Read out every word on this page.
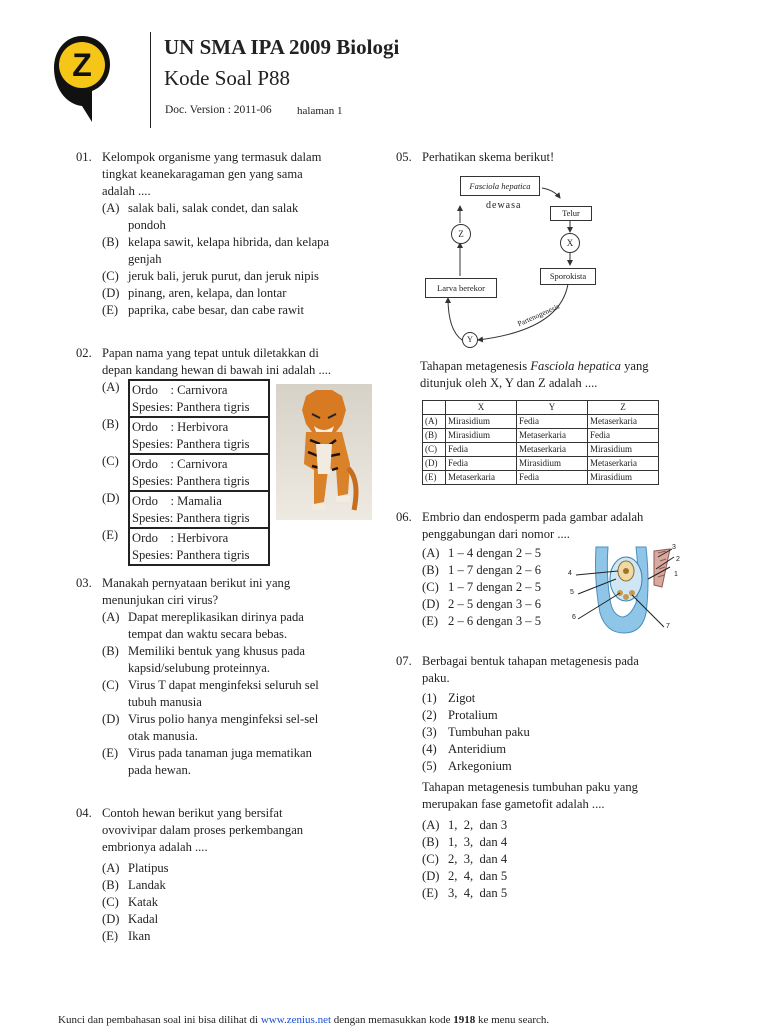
Z	UN SMA IPA 2009 Biologi
Kode Soal P88
Doc. Version : 2011-06 halaman 1
01. Kelompok organisme yang termasuk dalam
tingkat keanekaragaman gen yang sama
adalah ....
(A) salak bali, salak condet, dan salak
pondoh
(B) kelapa sawit, kelapa hibrida, dan kelapa
genjah
(C) jeruk bali, jeruk purut, dan jeruk nipis
(D) pinang, aren, kelapa, dan lontar
(E) paprika, cabe besar, dan cabe rawit
02. Papan nama yang tepat untuk diletakkan di
depan kandang hewan di bawah ini adalah ....
(A) Ordo    : Carnivora
Spesies: Panthera tigris
(B)	Ordo    : Herbivora
Spesies: Panthera tigris
(C)	Ordo    : Carnivora
Spesies: Panthera tigris
(D) Ordo    : Mamalia
Spesies: Panthera tigris
(E)	Ordo    : Herbivora
Spesies: Panthera tigris
03. Manakah pernyataan berikut ini yang
menunjukan ciri virus?
(A) Dapat mereplikasikan dirinya pada
tempat dan waktu secara bebas.
(B) Memiliki bentuk yang khusus pada
kapsid/selubung proteinnya.
(C) Virus T dapat menginfeksi seluruh sel
tubuh manusia
(D) Virus polio hanya menginfeksi sel-sel
otak manusia.
(E) Virus pada tanaman juga mematikan
pada hewan.
04. Contoh hewan berikut yang bersifat
ovovivipar dalam proses perkembangan
embrionya adalah ....
(A) Platipus
(B) Landak
(C) Katak
(D) Kadal
(E) Ikan
05. Perhatikan skema berikut!
Fasciola hepatica
dewasa
Telur
X
Sporokista
Partenogenesis
Y
Larva berekor
Z
Tahapan metagenesis Fasciola hepatica yang
ditunjuk oleh X, Y dan Z adalah ....
	X	Y	Z
(A)	Mirasidium	Fedia	Metaserkaria
(B)	Mirasidium	Metaserkaria	Fedia
(C)	Fedia	Metaserkaria	Mirasidium
(D)	Fedia	Mirasidium	Metaserkaria
(E)	Metaserkaria	Fedia	Mirasidium
06. Embrio dan endosperm pada gambar adalah
penggabungan dari nomor ....
(A) 1 – 4 dengan 2 – 5
(B) 1 – 7 dengan 2 – 6
(C) 1 – 7 dengan 2 – 5
(D) 2 – 5 dengan 3 – 6
(E) 2 – 6 dengan 3 – 5
1
2
3
4
5
6
7
07. Berbagai bentuk tahapan metagenesis pada
paku.
(1) Zigot
(2) Protalium
(3) Tumbuhan paku
(4) Anteridium
(5) Arkegonium
Tahapan metagenesis tumbuhan paku yang
merupakan fase gametofit adalah ....
(A) 1,  2,  dan 3
(B) 1,  3,  dan 4
(C) 2,  3,  dan 4
(D) 2,  4,  dan 5
(E) 3,  4,  dan 5
Kunci dan pembahasan soal ini bisa dilihat di www.zenius.net dengan memasukkan kode 1918 ke menu search.
